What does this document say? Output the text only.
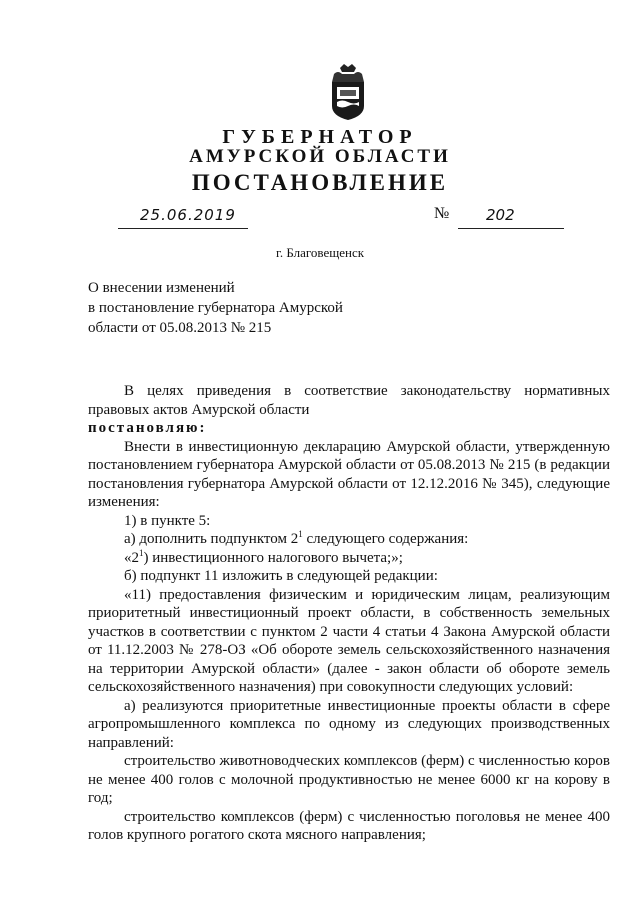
ГУБЕРНАТОР
АМУРСКОЙ ОБЛАСТИ
ПОСТАНОВЛЕНИЕ
25.06.2019	№ 202
г. Благовещенск
О внесении изменений
в постановление губернатора Амурской
области от 05.08.2013 № 215

В целях приведения в соответствие законодательству нормативных правовых актов Амурской области

постановляю:

Внести в инвестиционную декларацию Амурской области, утвержденную постановлением губернатора Амурской области от 05.08.2013 № 215 (в редакции постановления губернатора Амурской области от 12.12.2016 № 345), следующие изменения:

1) в пункте 5:

а) дополнить подпунктом $2^1$ следующего содержания:

«$2^1$) инвестиционного налогового вычета;»;

б) подпункт 11 изложить в следующей редакции:

«11) предоставления физическим и юридическим лицам, реализующим приоритетный инвестиционный проект области, в собственность земельных участков в соответствии с пунктом 2 части 4 статьи 4 Закона Амурской области от 11.12.2003 № 278-ОЗ «Об обороте земель сельскохозяйственного назначения на территории Амурской области» (далее - закон области об обороте земель сельскохозяйственного назначения) при совокупности следующих условий:

а) реализуются приоритетные инвестиционные проекты области в сфере агропромышленного комплекса по одному из следующих производственных направлений:

строительство животноводческих комплексов (ферм) с численностью коров не менее 400 голов с молочной продуктивностью не менее 6000 кг на корову в год;

строительство комплексов (ферм) с численностью поголовья не менее 400 голов крупного рогатого скота мясного направления;
